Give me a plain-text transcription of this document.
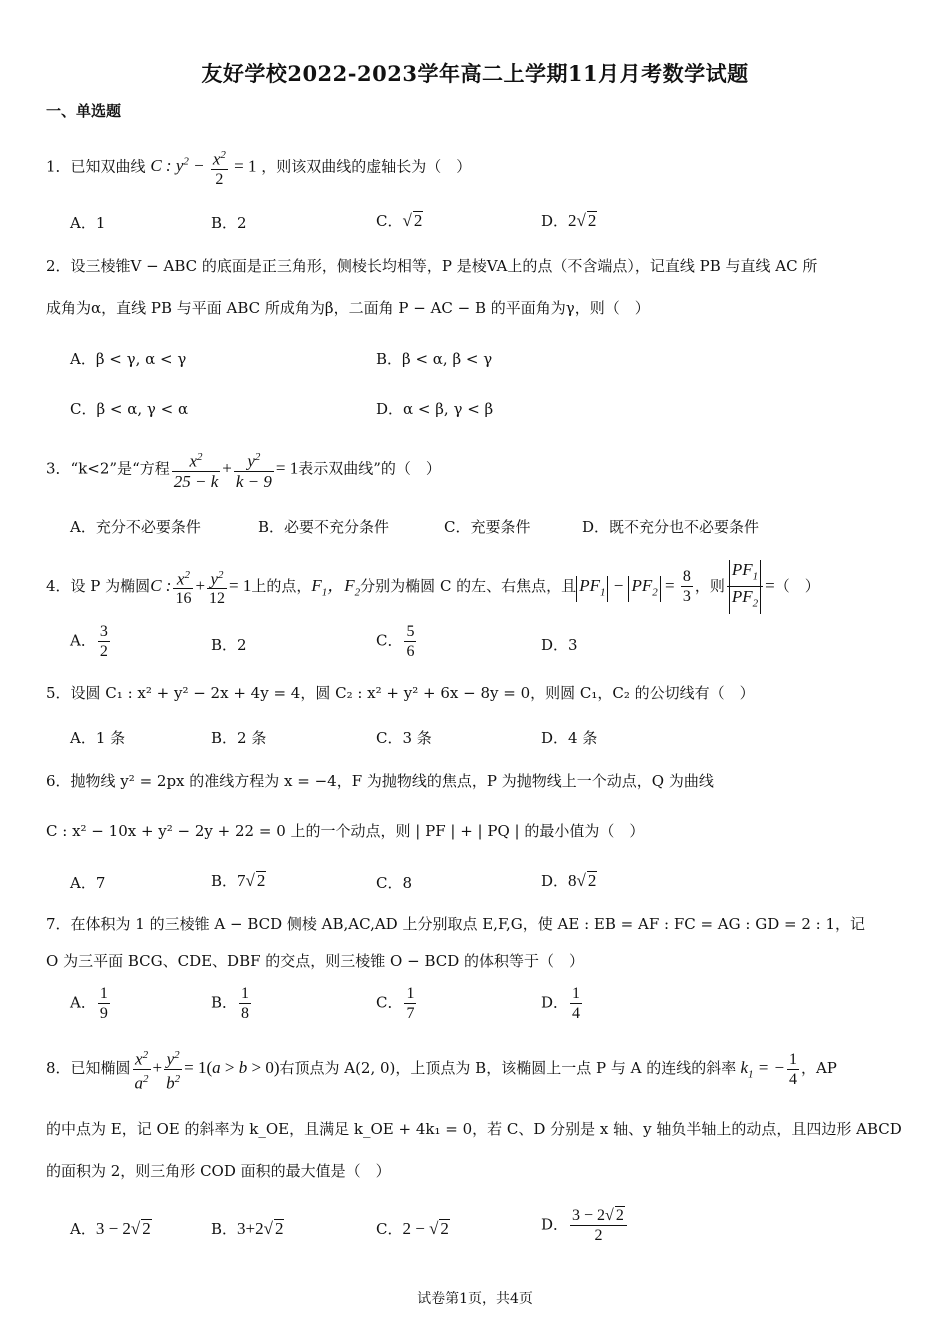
友好学校2022-2023学年高二上学期11月月考数学试题
一、单选题
1．已知双曲线 C : $y^2 - \frac{x^2}{2} = 1$ ，则该双曲线的虚轴长为（　）
A．1	B．2	C．√ 2	D．2√ 2
2．设三棱锥V − ABC 的底面是正三角形，侧棱长均相等，P 是棱VA上的点（不含端点），记直线 PB 与直线 AC 所
成角为α，直线 PB 与平面 ABC 所成角为β，二面角 P − AC − B 的平面角为γ，则（　）
A．β < γ, α < γ	B．β < α, β < γ
C．β < α, γ < α	D．α < β, γ < β
3．“k<2”是“方程 $\frac{x^2}{25 - k} + \frac{y^2}{k - 9} = 1$表示双曲线”的（　）
A．充分不必要条件	B．必要不充分条件	C．充要条件	D．既不充分也不必要条件
4．设 P 为椭圆C : $\frac{x^2}{16} + \frac{y^2}{12} = 1$上的点，$F_1$，$F_2$分别为椭圆 C 的左、右焦点，且 $PF_1 - PF_2 = \frac{8}{3}$ ，则 $\frac{PF_1}{PF_2}$ =（　）
A． $\frac{3}{2}$	B．2	C． $\frac{5}{6}$	D．3
5．设圆 C₁ : x² + y² − 2x + 4y = 4，圆 C₂ : x² + y² + 6x − 8y = 0，则圆 C₁，C₂ 的公切线有（　）
A．1 条	B．2 条	C．3 条	D．4 条
6．抛物线 y² = 2px 的准线方程为 x = −4，F 为抛物线的焦点，P 为抛物线上一个动点，Q 为曲线
C : x² − 10x + y² − 2y + 22 = 0 上的一个动点，则 | PF | + | PQ | 的最小值为（　）
A．7	B．7√ 2	C．8	D．8√ 2
7．在体积为 1 的三棱锥 A − BCD 侧棱 AB,AC,AD 上分别取点 E,F,G，使 AE : EB = AF : FC = AG : GD = 2 : 1，记
O 为三平面 BCG、CDE、DBF 的交点，则三棱锥 O − BCD 的体积等于（　）
A． $\frac{1}{9}$	B． $\frac{1}{8}$	C． $\frac{1}{7}$	D． $\frac{1}{4}$
8．已知椭圆 $\frac{x^2}{a^2} + \frac{y^2}{b^2} = 1(a > b > 0)$右顶点为 A(2, 0)，上顶点为 B，该椭圆上一点 P 与 A 的连线的斜率 $k_1$ = − $\frac{1}{4}$ ，AP
的中点为 E，记 OE 的斜率为 k_OE，且满足 k_OE + 4k₁ = 0，若 C、D 分别是 x 轴、y 轴负半轴上的动点，且四边形 ABCD
的面积为 2，则三角形 COD 面积的最大值是（　）
A．3 − 2√ 2	B．3+2√ 2	C．2 − √ 2	D． $\frac{3 - 2√ 2}{2}$
试卷第1页，共4页
